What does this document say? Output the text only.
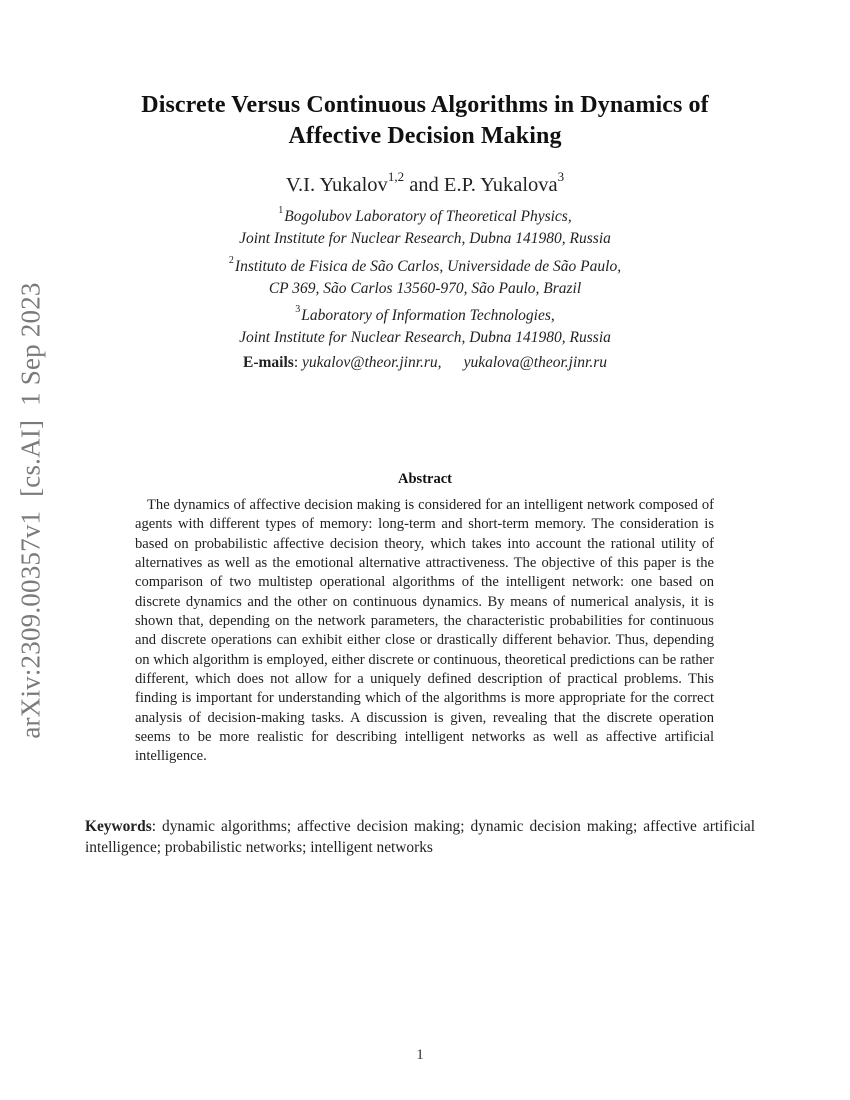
arXiv:2309.00357v1  [cs.AI]  1 Sep 2023
Discrete Versus Continuous Algorithms in Dynamics of
Affective Decision Making
V.I. Yukalov$^{1,2}$ and E.P. Yukalova$^3$
$^1$Bogolubov Laboratory of Theoretical Physics,
Joint Institute for Nuclear Research, Dubna 141980, Russia
$^2$Instituto de Fisica de São Carlos, Universidade de São Paulo,
CP 369, São Carlos 13560-970, São Paulo, Brazil
$^3$Laboratory of Information Technologies,
Joint Institute for Nuclear Research, Dubna 141980, Russia
E-mails: yukalov@theor.jinr.ru, yukalova@theor.jinr.ru
Abstract
The dynamics of affective decision making is considered for an intelligent network composed of agents with different types of memory: long-term and short-term memory. The consideration is based on probabilistic affective decision theory, which takes into account the rational utility of alternatives as well as the emotional alternative attractiveness. The objective of this paper is the comparison of two multistep operational algorithms of the intelligent network: one based on discrete dynamics and the other on continuous dynamics. By means of numerical analysis, it is shown that, depending on the network parameters, the characteristic probabilities for continuous and discrete operations can exhibit either close or drastically different behavior. Thus, depending on which algorithm is employed, either discrete or continuous, theoretical predictions can be rather different, which does not allow for a uniquely defined description of practical problems. This finding is important for understanding which of the algorithms is more appropriate for the correct analysis of decision-making tasks. A discussion is given, revealing that the discrete operation seems to be more realistic for describing intelligent networks as well as affective artificial intelligence.
Keywords: dynamic algorithms; affective decision making; dynamic decision making; affective artificial intelligence; probabilistic networks; intelligent networks
1
